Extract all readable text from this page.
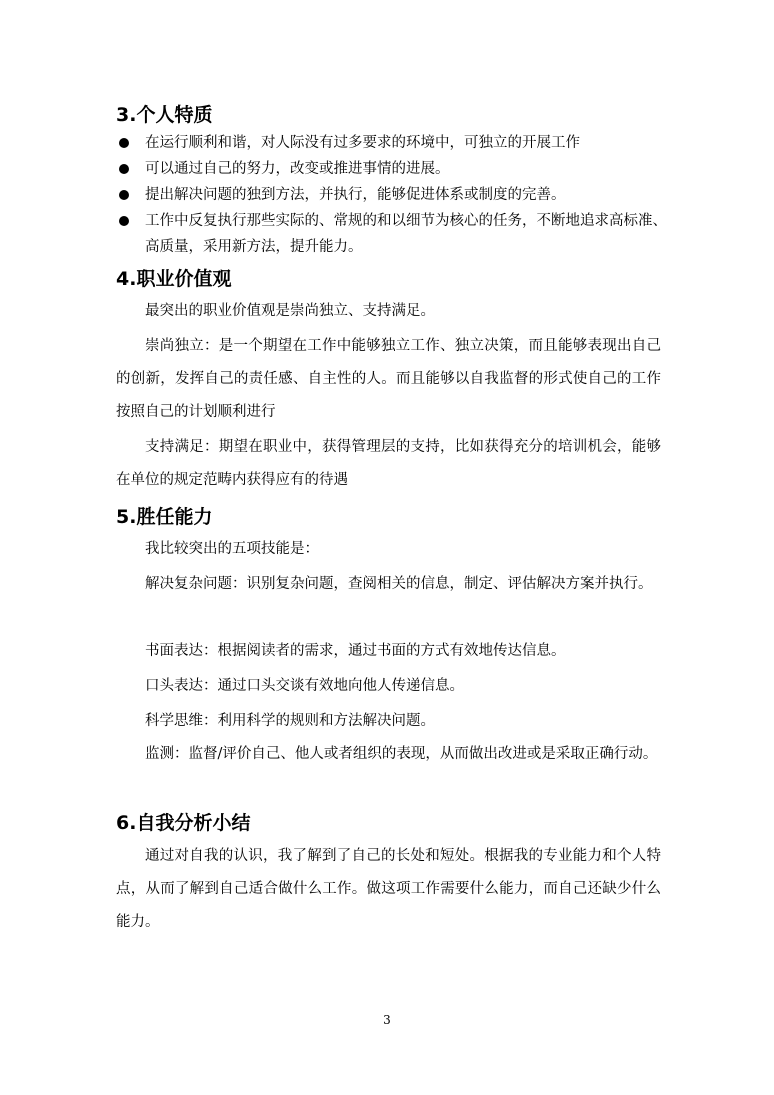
3.个人特质
在运行顺利和谐，对人际没有过多要求的环境中，可独立的开展工作
可以通过自己的努力，改变或推进事情的进展。
提出解决问题的独到方法，并执行，能够促进体系或制度的完善。
工作中反复执行那些实际的、常规的和以细节为核心的任务，不断地追求高标准、高质量，采用新方法，提升能力。
4.职业价值观

最突出的职业价值观是崇尚独立、支持满足。

崇尚独立：是一个期望在工作中能够独立工作、独立决策，而且能够表现出自己的创新，发挥自己的责任感、自主性的人。而且能够以自我监督的形式使自己的工作按照自己的计划顺利进行

支持满足：期望在职业中，获得管理层的支持，比如获得充分的培训机会，能够在单位的规定范畴内获得应有的待遇

5.胜任能力

我比较突出的五项技能是：

解决复杂问题：识别复杂问题，查阅相关的信息，制定、评估解决方案并执行。

书面表达：根据阅读者的需求，通过书面的方式有效地传达信息。

口头表达：通过口头交谈有效地向他人传递信息。

科学思维：利用科学的规则和方法解决问题。

监测：监督/评价自己、他人或者组织的表现，从而做出改进或是采取正确行动。

6.自我分析小结

通过对自我的认识，我了解到了自己的长处和短处。根据我的专业能力和个人特点，从而了解到自己适合做什么工作。做这项工作需要什么能力，而自己还缺少什么能力。

3
